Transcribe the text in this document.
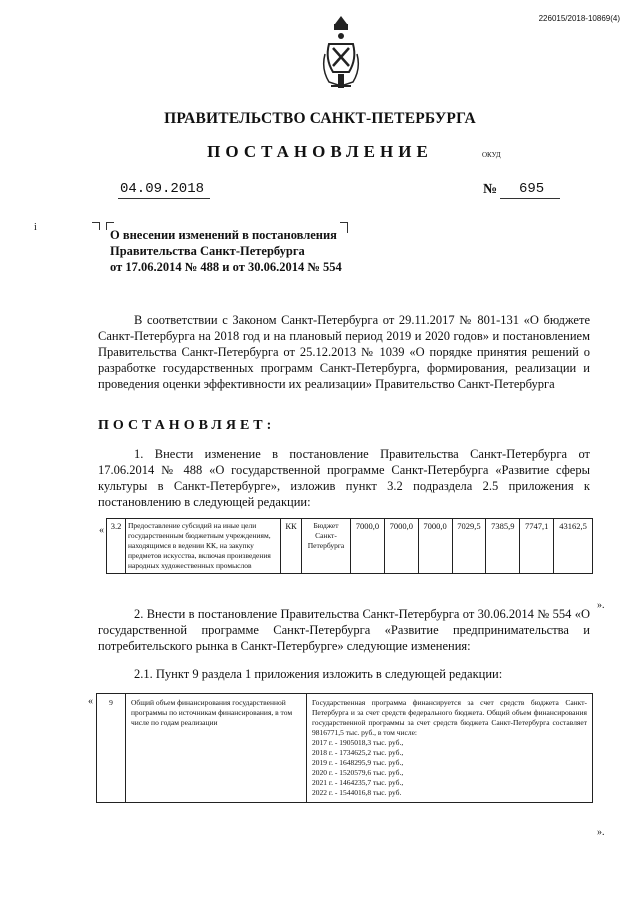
226015/2018-10869(4)
ПРАВИТЕЛЬСТВО САНКТ-ПЕТЕРБУРГА
ПОСТАНОВЛЕНИЕ	ОКУД
04.09.2018	№ 695
i
О внесении изменений в постановления
Правительства Санкт-Петербурга
от 17.06.2014 № 488 и от 30.06.2014 № 554
В соответствии с Законом Санкт-Петербурга от 29.11.2017 № 801-131 «О бюджете Санкт-Петербурга на 2018 год и на плановый период 2019 и 2020 годов» и постановлением Правительства Санкт-Петербурга от 25.12.2013 № 1039 «О порядке принятия решений о разработке государственных программ Санкт-Петербурга, формирования, реализации и проведения оценки эффективности их реализации» Правительство Санкт-Петербурга
ПОСТАНОВЛЯЕТ:
1. Внести изменение в постановление Правительства Санкт-Петербурга от 17.06.2014 № 488 «О государственной программе Санкт-Петербурга «Развитие сферы культуры в Санкт-Петербурге», изложив пункт 3.2 подраздела 2.5 приложения к постановлению в следующей редакции:
« 3.2	Предоставление субсидий на иные цели государственным бюджетным учреждениям, находящимся в ведении КК, на закупку предметов искусства, включая произведения народных художественных промыслов	КК	Бюджет Санкт-Петербурга	7000,0	7000,0	7000,0	7029,5	7385,9	7747,1	43162,5
».
2. Внести в постановление Правительства Санкт-Петербурга от 30.06.2014 № 554 «О государственной программе Санкт-Петербурга «Развитие предпринимательства и потребительского рынка в Санкт-Петербурге» следующие изменения:
2.1. Пункт 9 раздела 1 приложения изложить в следующей редакции:
« 9	Общий объем финансирования государственной программы по источникам финансирования, в том числе по годам реализации	Государственная программа финансируется за счет средств бюджета Санкт-Петербурга и за счет средств федерального бюджета. Общий объем финансирования государственной программы за счет средств бюджета Санкт-Петербурга составляет 9816771,5 тыс. руб., в том числе:
2017 г. - 1905018,3 тыс. руб.,
2018 г. - 1734625,2 тыс. руб.,
2019 г. - 1648295,9 тыс. руб.,
2020 г. - 1520579,6 тыс. руб.,
2021 г. - 1464235,7 тыс. руб.,
2022 г. - 1544016,8 тыс. руб.
».
